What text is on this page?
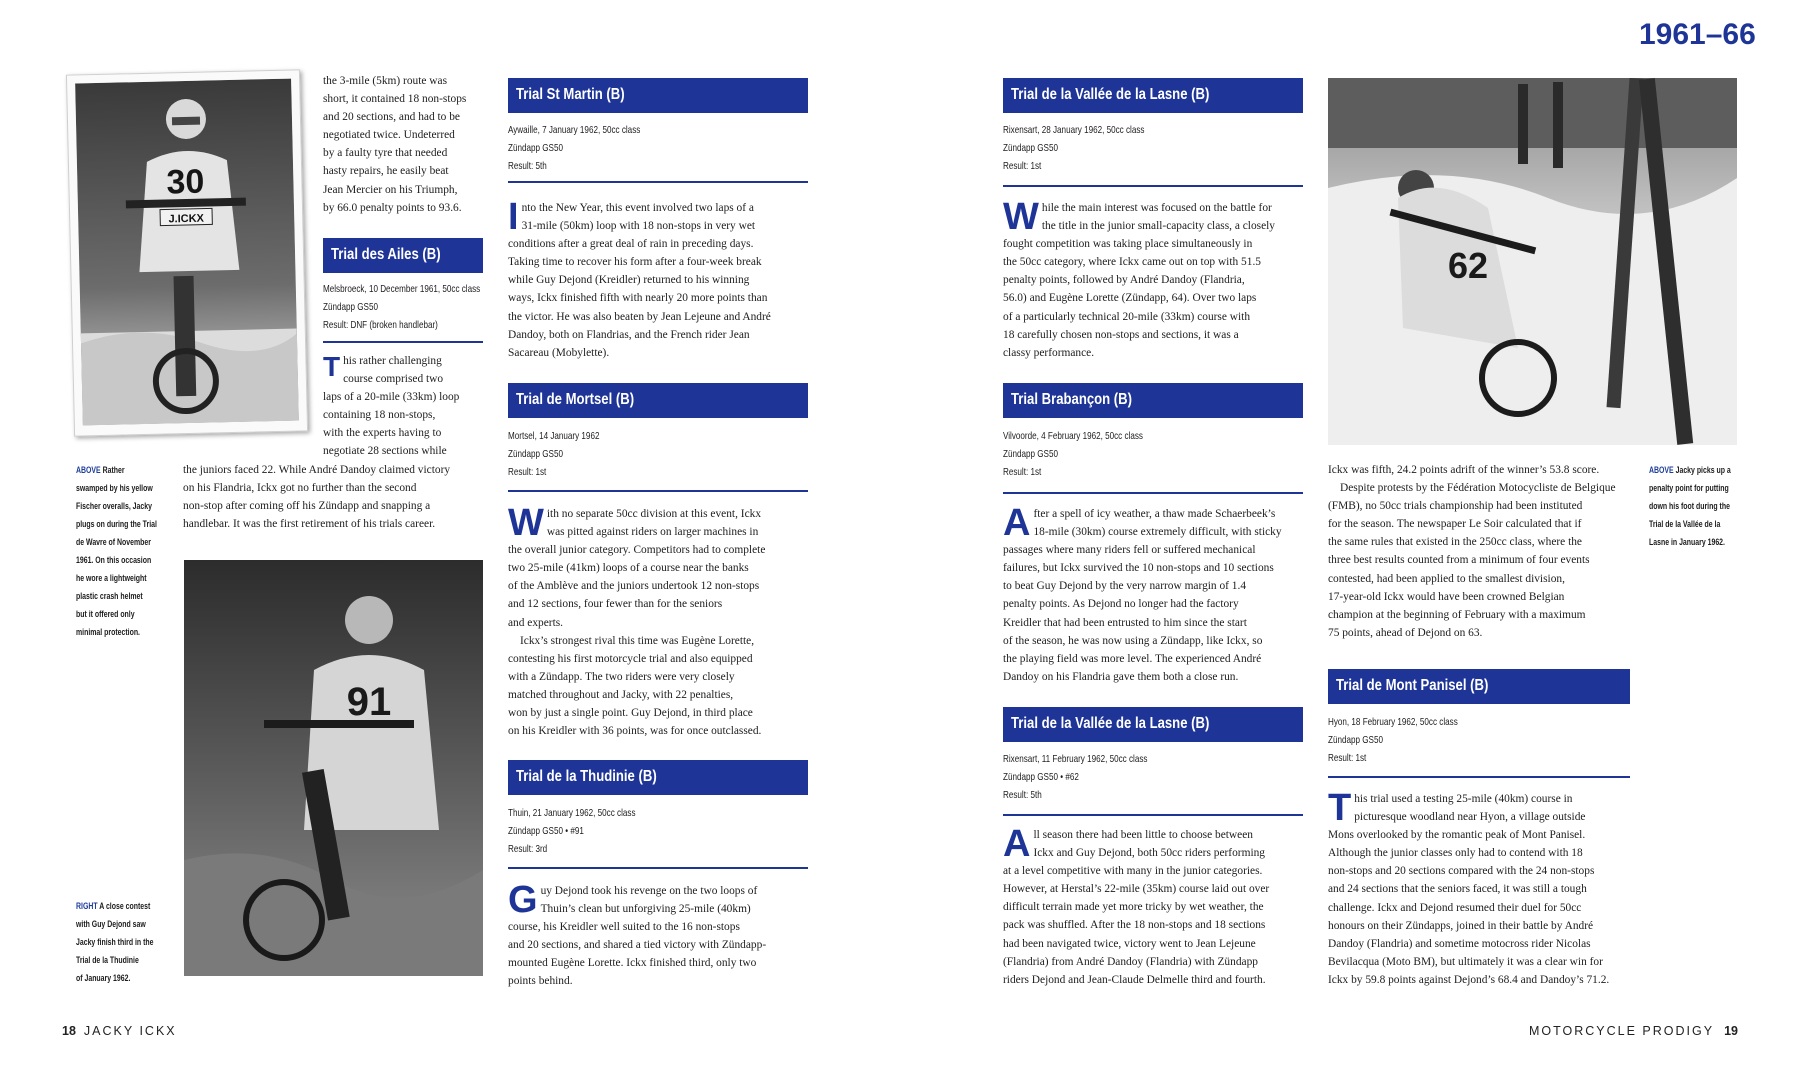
1961–66
J.ICKX
30
the 3-mile (5km) route was
short, it contained 18 non-stops
and 20 sections, and had to be
negotiated twice. Undeterred
by a faulty tyre that needed
hasty repairs, he easily beat
Jean Mercier on his Triumph,
by 66.0 penalty points to 93.6.
Trial des Ailes (B)
Melsbroeck, 10 December 1961, 50cc class
Zündapp GS50
Result: DNF (broken handlebar)
T his rather challenging
course comprised two
laps of a 20-mile (33km) loop
containing 18 non-stops,
with the experts having to
negotiate 28 sections while
the juniors faced 22. While André Dandoy claimed victory
on his Flandria, Ickx got no further than the second
non-stop after coming off his Zündapp and snapping a
handlebar. It was the first retirement of his trials career.
ABOVE Rather
swamped by his yellow
Fischer overalls, Jacky
plugs on during the Trial
de Wavre of November
1961. On this occasion
he wore a lightweight
plastic crash helmet
but it offered only
minimal protection.
91
RIGHT A close contest
with Guy Dejond saw
Jacky finish third in the
Trial de la Thudinie
of January 1962.
Trial St Martin (B)
Aywaille, 7 January 1962, 50cc class
Zündapp GS50
Result: 5th
I nto the New Year, this event involved two laps of a
31-mile (50km) loop with 18 non-stops in very wet
conditions after a great deal of rain in preceding days.
Taking time to recover his form after a four-week break
while Guy Dejond (Kreidler) returned to his winning
ways, Ickx finished fifth with nearly 20 more points than
the victor. He was also beaten by Jean Lejeune and André
Dandoy, both on Flandrias, and the French rider Jean
Sacareau (Mobylette).
Trial de Mortsel (B)
Mortsel, 14 January 1962
Zündapp GS50
Result: 1st
W ith no separate 50cc division at this event, Ickx
was pitted against riders on larger machines in
the overall junior category. Competitors had to complete
two 25-mile (41km) loops of a course near the banks
of the Amblève and the juniors undertook 12 non-stops
and 12 sections, four fewer than for the seniors
and experts.
Ickx’s strongest rival this time was Eugène Lorette,
contesting his first motorcycle trial and also equipped
with a Zündapp. The two riders were very closely
matched throughout and Jacky, with 22 penalties,
won by just a single point. Guy Dejond, in third place
on his Kreidler with 36 points, was for once outclassed.
Trial de la Thudinie (B)
Thuin, 21 January 1962, 50cc class
Zündapp GS50 • #91
Result: 3rd
G uy Dejond took his revenge on the two loops of
Thuin’s clean but unforgiving 25-mile (40km)
course, his Kreidler well suited to the 16 non-stops
and 20 sections, and shared a tied victory with Zündapp-
mounted Eugène Lorette. Ickx finished third, only two
points behind.
Trial de la Vallée de la Lasne (B)
Rixensart, 28 January 1962, 50cc class
Zündapp GS50
Result: 1st
W hile the main interest was focused on the battle for
the title in the junior small-capacity class, a closely
fought competition was taking place simultaneously in
the 50cc category, where Ickx came out on top with 51.5
penalty points, followed by André Dandoy (Flandria,
56.0) and Eugène Lorette (Zündapp, 64). Over two laps
of a particularly technical 20-mile (33km) course with
18 carefully chosen non-stops and sections, it was a
classy performance.
Trial Brabançon (B)
Vilvoorde, 4 February 1962, 50cc class
Zündapp GS50
Result: 1st
A fter a spell of icy weather, a thaw made Schaerbeek’s
18-mile (30km) course extremely difficult, with sticky
passages where many riders fell or suffered mechanical
failures, but Ickx survived the 10 non-stops and 10 sections
to beat Guy Dejond by the very narrow margin of 1.4
penalty points. As Dejond no longer had the factory
Kreidler that had been entrusted to him since the start
of the season, he was now using a Zündapp, like Ickx, so
the playing field was more level. The experienced André
Dandoy on his Flandria gave them both a close run.
Trial de la Vallée de la Lasne (B)
Rixensart, 11 February 1962, 50cc class
Zündapp GS50 • #62
Result: 5th
A ll season there had been little to choose between
Ickx and Guy Dejond, both 50cc riders performing
at a level competitive with many in the junior categories.
However, at Herstal’s 22-mile (35km) course laid out over
difficult terrain made yet more tricky by wet weather, the
pack was shuffled. After the 18 non-stops and 18 sections
had been navigated twice, victory went to Jean Lejeune
(Flandria) from André Dandoy (Flandria) with Zündapp
riders Dejond and Jean-Claude Delmelle third and fourth.
62
ABOVE Jacky picks up a
penalty point for putting
down his foot during the
Trial de la Vallée de la
Lasne in January 1962.
Ickx was fifth, 24.2 points adrift of the winner’s 53.8 score.
Despite protests by the Fédération Motocycliste de Belgique
(FMB), no 50cc trials championship had been instituted
for the season. The newspaper Le Soir calculated that if
the same rules that existed in the 250cc class, where the
three best results counted from a minimum of four events
contested, had been applied to the smallest division,
17-year-old Ickx would have been crowned Belgian
champion at the beginning of February with a maximum
75 points, ahead of Dejond on 63.
Trial de Mont Panisel (B)
Hyon, 18 February 1962, 50cc class
Zündapp GS50
Result: 1st
T his trial used a testing 25-mile (40km) course in
picturesque woodland near Hyon, a village outside
Mons overlooked by the romantic peak of Mont Panisel.
Although the junior classes only had to contend with 18
non-stops and 20 sections compared with the 24 non-stops
and 24 sections that the seniors faced, it was still a tough
challenge. Ickx and Dejond resumed their duel for 50cc
honours on their Zündapps, joined in their battle by André
Dandoy (Flandria) and sometime motocross rider Nicolas
Bevilacqua (Moto BM), but ultimately it was a clear win for
Ickx by 59.8 points against Dejond’s 68.4 and Dandoy’s 71.2.
18 JACKY ICKX	MOTORCYCLE PRODIGY 19
